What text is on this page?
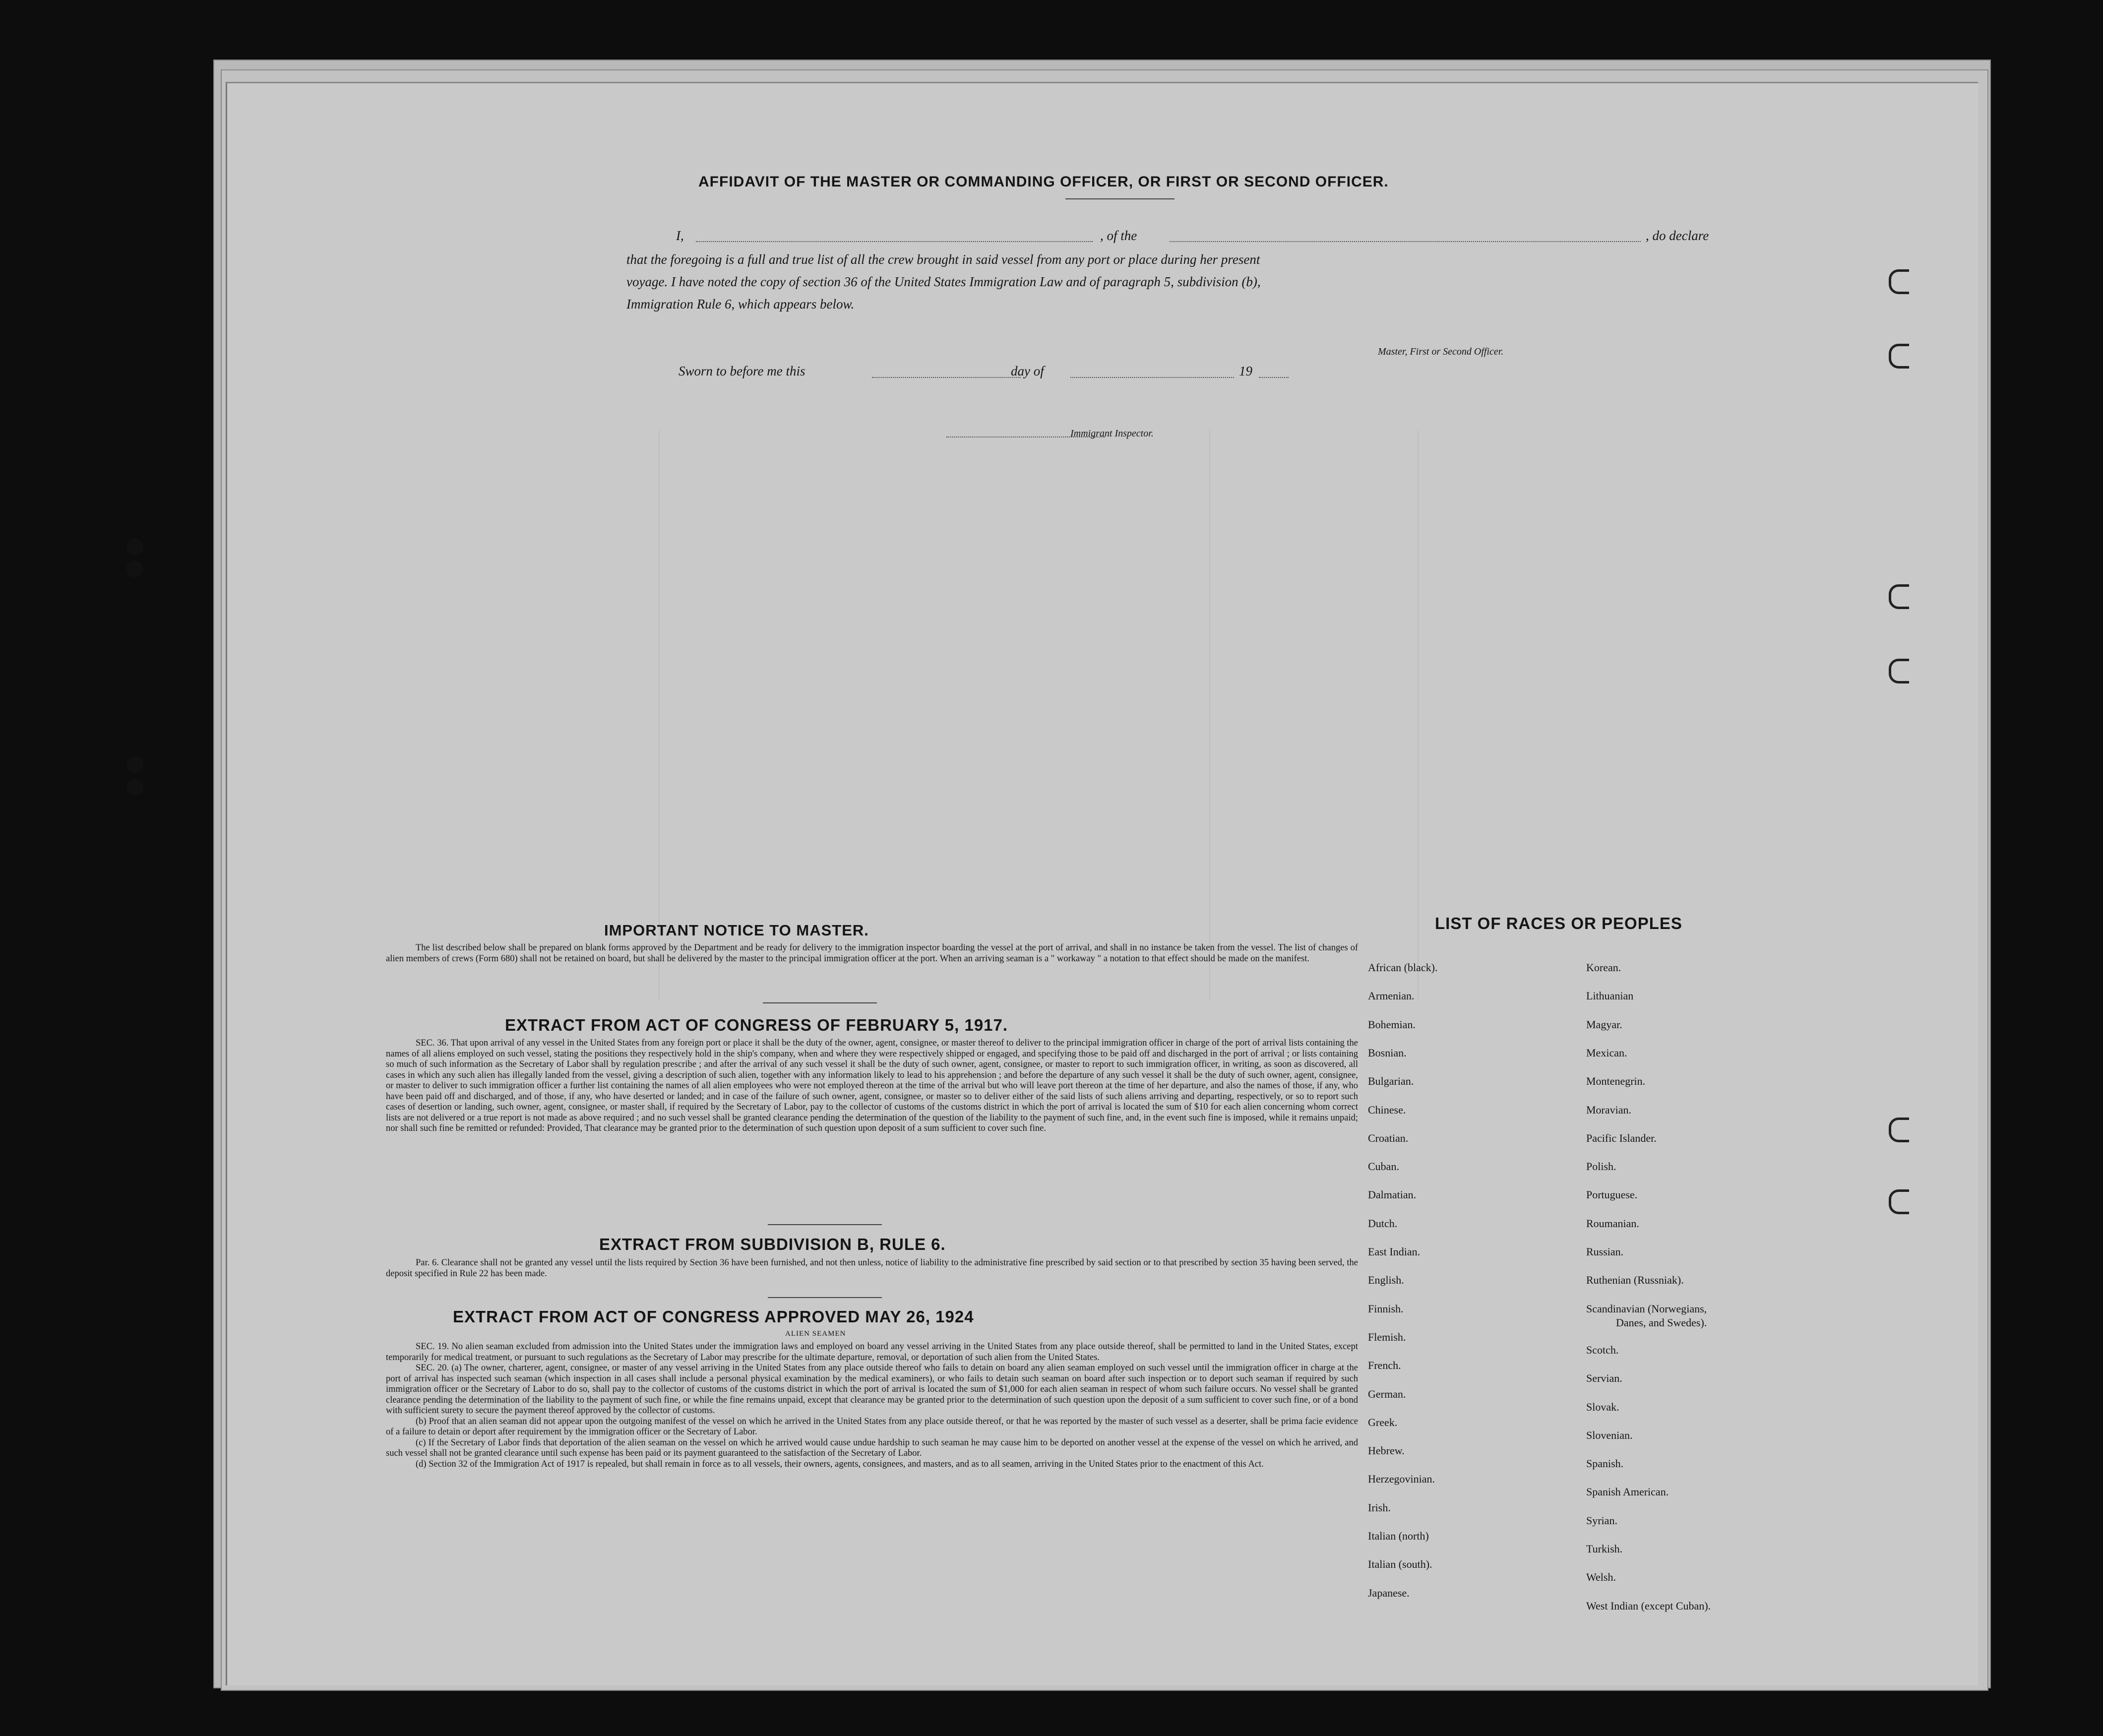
AFFIDAVIT OF THE MASTER OR COMMANDING OFFICER, OR FIRST OR SECOND OFFICER.
I,	, of the	, do declare
that the foregoing is a full and true list of all the crew brought in said vessel from any port or place during her present
voyage. I have noted the copy of section 36 of the United States Immigration Law and of paragraph 5, subdivision (b),
Immigration Rule 6, which appears below.
Master, First or Second Officer.
Sworn to before me this	day of	19
Immigrant Inspector.
IMPORTANT NOTICE TO MASTER.

The list described below shall be prepared on blank forms approved by the Department and be ready for delivery to the immigration inspector boarding the vessel at the port of arrival, and shall in no instance be taken from the vessel. The list of changes of alien members of crews (Form 680) shall not be retained on board, but shall be delivered by the master to the principal immigration officer at the port. When an arriving seaman is a " workaway " a notation to that effect should be made on the manifest.

EXTRACT FROM ACT OF CONGRESS OF FEBRUARY 5, 1917.

SEC. 36. That upon arrival of any vessel in the United States from any foreign port or place it shall be the duty of the owner, agent, consignee, or master thereof to deliver to the principal immigration officer in charge of the port of arrival lists containing the names of all aliens employed on such vessel, stating the positions they respectively hold in the ship's company, when and where they were respectively shipped or engaged, and specifying those to be paid off and discharged in the port of arrival ; or lists containing so much of such information as the Secretary of Labor shall by regulation prescribe ; and after the arrival of any such vessel it shall be the duty of such owner, agent, consignee, or master to report to such immigration officer, in writing, as soon as discovered, all cases in which any such alien has illegally landed from the vessel, giving a description of such alien, together with any information likely to lead to his apprehension ; and before the departure of any such vessel it shall be the duty of such owner, agent, consignee, or master to deliver to such immigration officer a further list containing the names of all alien employees who were not employed thereon at the time of the arrival but who will leave port thereon at the time of her departure, and also the names of those, if any, who have been paid off and discharged, and of those, if any, who have deserted or landed; and in case of the failure of such owner, agent, consignee, or master so to deliver either of the said lists of such aliens arriving and departing, respectively, or so to report such cases of desertion or landing, such owner, agent, consignee, or master shall, if required by the Secretary of Labor, pay to the collector of customs of the customs district in which the port of arrival is located the sum of $10 for each alien concerning whom correct lists are not delivered or a true report is not made as above required ; and no such vessel shall be granted clearance pending the determination of the question of the liability to the payment of such fine, and, in the event such fine is imposed, while it remains unpaid; nor shall such fine be remitted or refunded: Provided, That clearance may be granted prior to the determination of such question upon deposit of a sum sufficient to cover such fine.

EXTRACT FROM SUBDIVISION B, RULE 6.

Par. 6. Clearance shall not be granted any vessel until the lists required by Section 36 have been furnished, and not then unless, notice of liability to the administrative fine prescribed by said section or to that prescribed by section 35 having been served, the deposit specified in Rule 22 has been made.

EXTRACT FROM ACT OF CONGRESS APPROVED MAY 26, 1924
ALIEN SEAMEN

SEC. 19. No alien seaman excluded from admission into the United States under the immigration laws and employed on board any vessel arriving in the United States from any place outside thereof, shall be permitted to land in the United States, except temporarily for medical treatment, or pursuant to such regulations as the Secretary of Labor may prescribe for the ultimate departure, removal, or deportation of such alien from the United States.

SEC. 20. (a) The owner, charterer, agent, consignee, or master of any vessel arriving in the United States from any place outside thereof who fails to detain on board any alien seaman employed on such vessel until the immigration officer in charge at the port of arrival has inspected such seaman (which inspection in all cases shall include a personal physical examination by the medical examiners), or who fails to detain such seaman on board after such inspection or to deport such seaman if required by such immigration officer or the Secretary of Labor to do so, shall pay to the collector of customs of the customs district in which the port of arrival is located the sum of $1,000 for each alien seaman in respect of whom such failure occurs. No vessel shall be granted clearance pending the determination of the liability to the payment of such fine, or while the fine remains unpaid, except that clearance may be granted prior to the determination of such question upon the deposit of a sum sufficient to cover such fine, or of a bond with sufficient surety to secure the payment thereof approved by the collector of customs.

(b) Proof that an alien seaman did not appear upon the outgoing manifest of the vessel on which he arrived in the United States from any place outside thereof, or that he was reported by the master of such vessel as a deserter, shall be prima facie evidence of a failure to detain or deport after requirement by the immigration officer or the Secretary of Labor.

(c) If the Secretary of Labor finds that deportation of the alien seaman on the vessel on which he arrived would cause undue hardship to such seaman he may cause him to be deported on another vessel at the expense of the vessel on which he arrived, and such vessel shall not be granted clearance until such expense has been paid or its payment guaranteed to the satisfaction of the Secretary of Labor.

(d) Section 32 of the Immigration Act of 1917 is repealed, but shall remain in force as to all vessels, their owners, agents, consignees, and masters, and as to all seamen, arriving in the United States prior to the enactment of this Act.

LIST OF RACES OR PEOPLES
African (black).
Armenian.
Bohemian.
Bosnian.
Bulgarian.
Chinese.
Croatian.
Cuban.
Dalmatian.
Dutch.
East Indian.
English.
Finnish.
Flemish.
French.
German.
Greek.
Hebrew.
Herzegovinian.
Irish.
Italian (north)
Italian (south).
Japanese.
Korean.
Lithuanian
Magyar.
Mexican.
Montenegrin.
Moravian.
Pacific Islander.
Polish.
Portuguese.
Roumanian.
Russian.
Ruthenian (Russniak).
Scandinavian (Norwegians,
Scotch.
Servian.
Slovak.
Slovenian.
Spanish.
Spanish American.
Syrian.
Turkish.
Welsh.
West Indian (except Cuban).
Danes, and Swedes).
